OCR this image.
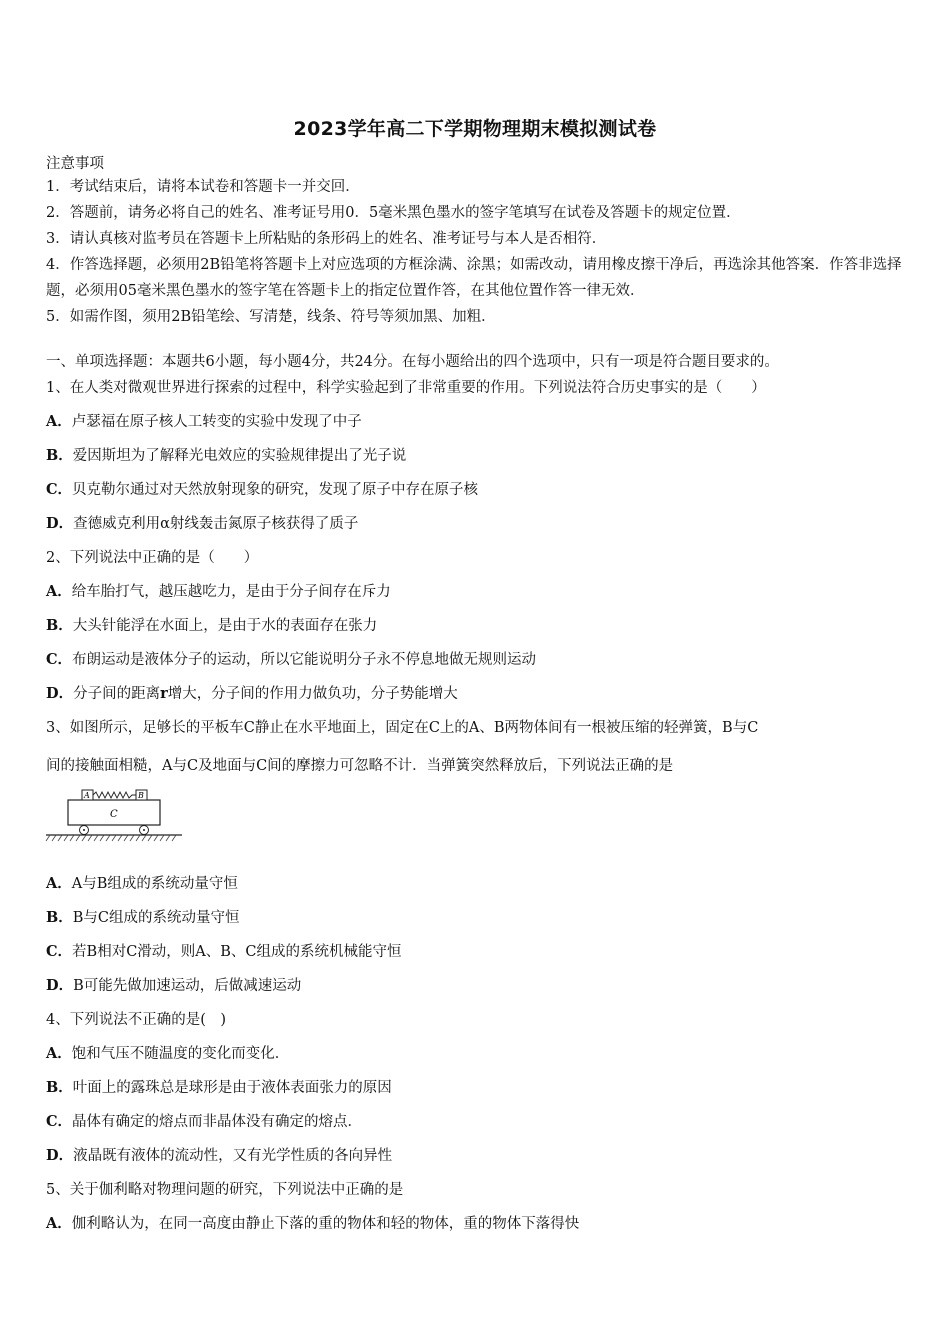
2023学年高二下学期物理期末模拟测试卷
注意事项

1．考试结束后，请将本试卷和答题卡一并交回．

2．答题前，请务必将自己的姓名、准考证号用0．5毫米黑色墨水的签字笔填写在试卷及答题卡的规定位置．

3．请认真核对监考员在答题卡上所粘贴的条形码上的姓名、准考证号与本人是否相符．

4．作答选择题，必须用2B铅笔将答题卡上对应选项的方框涂满、涂黑；如需改动，请用橡皮擦干净后，再选涂其他答案．作答非选择题，必须用05毫米黑色墨水的签字笔在答题卡上的指定位置作答，在其他位置作答一律无效．

5．如需作图，须用2B铅笔绘、写清楚，线条、符号等须加黑、加粗．

一、单项选择题：本题共6小题，每小题4分，共24分。在每小题给出的四个选项中，只有一项是符合题目要求的。
1、在人类对微观世界进行探索的过程中，科学实验起到了非常重要的作用。下列说法符合历史事实的是（　　）
A．卢瑟福在原子核人工转变的实验中发现了中子
B．爱因斯坦为了解释光电效应的实验规律提出了光子说
C．贝克勒尔通过对天然放射现象的研究，发现了原子中存在原子核
D．查德威克利用α射线轰击氮原子核获得了质子
2、下列说法中正确的是（　　）
A．给车胎打气，越压越吃力，是由于分子间存在斥力
B．大头针能浮在水面上，是由于水的表面存在张力
C．布朗运动是液体分子的运动，所以它能说明分子永不停息地做无规则运动
D．分子间的距离r增大，分子间的作用力做负功，分子势能增大
3、如图所示，足够长的平板车C静止在水平地面上，固定在C上的A、B两物体间有一根被压缩的轻弹簧，B与C
间的接触面相糙，A与C及地面与C间的摩擦力可忽略不计．当弹簧突然释放后，下列说法正确的是
C
A	B
A．A与B组成的系统动量守恒
B．B与C组成的系统动量守恒
C．若B相对C滑动，则A、B、C组成的系统机械能守恒
D．B可能先做加速运动，后做减速运动
4、下列说法不正确的是(　)
A．饱和气压不随温度的变化而变化．
B．叶面上的露珠总是球形是由于液体表面张力的原因
C．晶体有确定的熔点而非晶体没有确定的熔点．
D．液晶既有液体的流动性，又有光学性质的各向异性
5、关于伽利略对物理问题的研究，下列说法中正确的是
A．伽利略认为，在同一高度由静止下落的重的物体和轻的物体，重的物体下落得快
